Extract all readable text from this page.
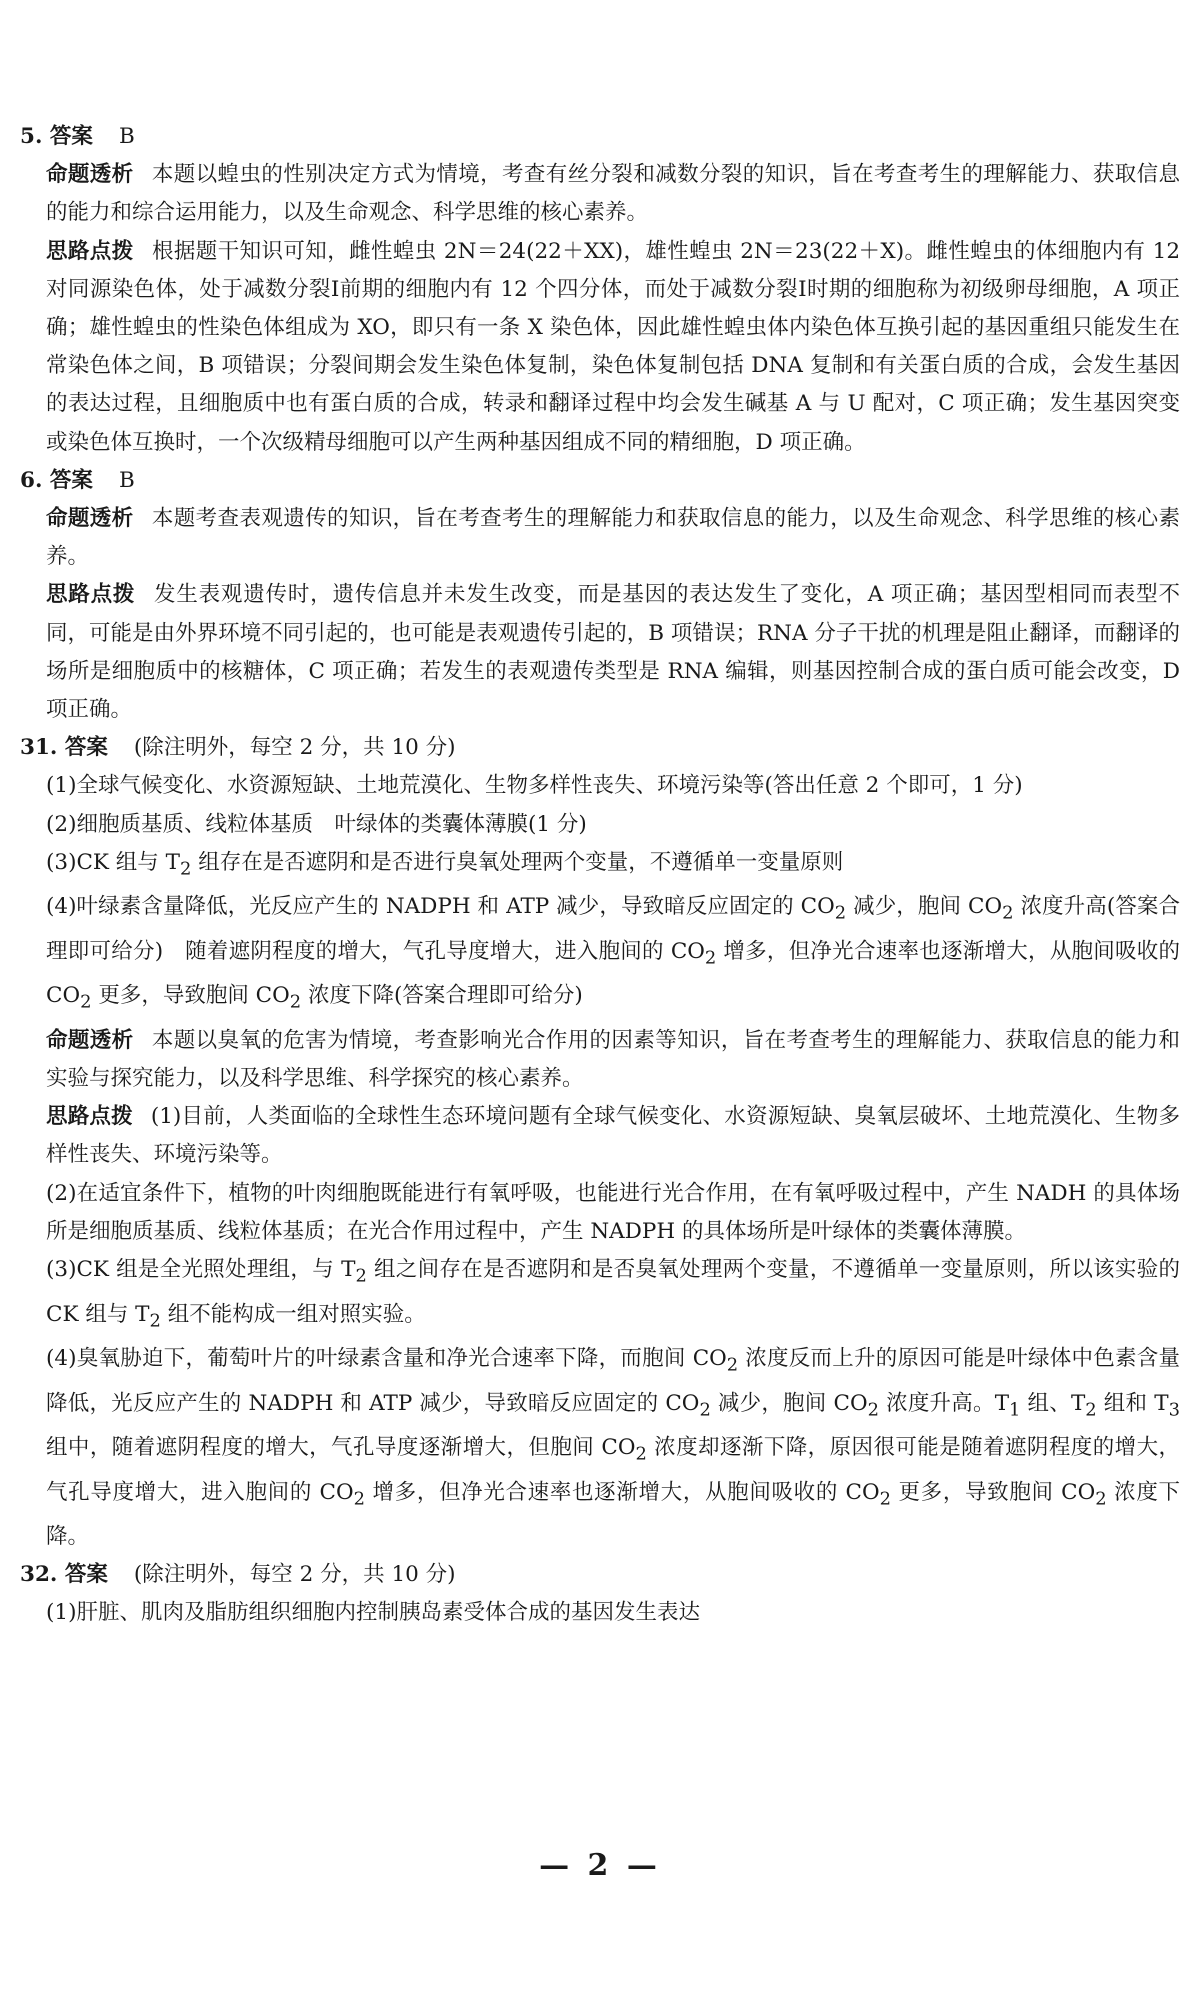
5. 答案 B

命题透析 本题以蝗虫的性别决定方式为情境，考查有丝分裂和减数分裂的知识，旨在考查考生的理解能力、获取信息的能力和综合运用能力，以及生命观念、科学思维的核心素养。

思路点拨 根据题干知识可知，雌性蝗虫 2N＝24(22＋XX)，雄性蝗虫 2N＝23(22＋X)。雌性蝗虫的体细胞内有 12 对同源染色体，处于减数分裂Ⅰ前期的细胞内有 12 个四分体，而处于减数分裂Ⅰ时期的细胞称为初级卵母细胞，A 项正确；雄性蝗虫的性染色体组成为 XO，即只有一条 X 染色体，因此雄性蝗虫体内染色体互换引起的基因重组只能发生在常染色体之间，B 项错误；分裂间期会发生染色体复制，染色体复制包括 DNA 复制和有关蛋白质的合成，会发生基因的表达过程，且细胞质中也有蛋白质的合成，转录和翻译过程中均会发生碱基 A 与 U 配对，C 项正确；发生基因突变或染色体互换时，一个次级精母细胞可以产生两种基因组成不同的精细胞，D 项正确。

6. 答案 B

命题透析 本题考查表观遗传的知识，旨在考查考生的理解能力和获取信息的能力，以及生命观念、科学思维的核心素养。

思路点拨 发生表观遗传时，遗传信息并未发生改变，而是基因的表达发生了变化，A 项正确；基因型相同而表型不同，可能是由外界环境不同引起的，也可能是表观遗传引起的，B 项错误；RNA 分子干扰的机理是阻止翻译，而翻译的场所是细胞质中的核糖体，C 项正确；若发生的表观遗传类型是 RNA 编辑，则基因控制合成的蛋白质可能会改变，D 项正确。

31. 答案 (除注明外，每空 2 分，共 10 分)

(1)全球气候变化、水资源短缺、土地荒漠化、生物多样性丧失、环境污染等(答出任意 2 个即可，1 分)

(2)细胞质基质、线粒体基质　叶绿体的类囊体薄膜(1 分)

(3)CK 组与 $T_2$ 组存在是否遮阴和是否进行臭氧处理两个变量，不遵循单一变量原则

(4)叶绿素含量降低，光反应产生的 NADPH 和 ATP 减少，导致暗反应固定的 $CO_2$ 减少，胞间 $CO_2$ 浓度升高(答案合理即可给分)　随着遮阴程度的增大，气孔导度增大，进入胞间的 $CO_2$ 增多，但净光合速率也逐渐增大，从胞间吸收的 $CO_2$ 更多，导致胞间 $CO_2$ 浓度下降(答案合理即可给分)

命题透析 本题以臭氧的危害为情境，考查影响光合作用的因素等知识，旨在考查考生的理解能力、获取信息的能力和实验与探究能力，以及科学思维、科学探究的核心素养。

思路点拨 (1)目前，人类面临的全球性生态环境问题有全球气候变化、水资源短缺、臭氧层破坏、土地荒漠化、生物多样性丧失、环境污染等。

(2)在适宜条件下，植物的叶肉细胞既能进行有氧呼吸，也能进行光合作用，在有氧呼吸过程中，产生 NADH 的具体场所是细胞质基质、线粒体基质；在光合作用过程中，产生 NADPH 的具体场所是叶绿体的类囊体薄膜。

(3)CK 组是全光照处理组，与 $T_2$ 组之间存在是否遮阴和是否臭氧处理两个变量，不遵循单一变量原则，所以该实验的 CK 组与 $T_2$ 组不能构成一组对照实验。

(4)臭氧胁迫下，葡萄叶片的叶绿素含量和净光合速率下降，而胞间 $CO_2$ 浓度反而上升的原因可能是叶绿体中色素含量降低，光反应产生的 NADPH 和 ATP 减少，导致暗反应固定的 $CO_2$ 减少，胞间 $CO_2$ 浓度升高。$T_1$ 组、$T_2$ 组和 $T_3$ 组中，随着遮阴程度的增大，气孔导度逐渐增大，但胞间 $CO_2$ 浓度却逐渐下降，原因很可能是随着遮阴程度的增大，气孔导度增大，进入胞间的 $CO_2$ 增多，但净光合速率也逐渐增大，从胞间吸收的 $CO_2$ 更多，导致胞间 $CO_2$ 浓度下降。

32. 答案 (除注明外，每空 2 分，共 10 分)

(1)肝脏、肌肉及脂肪组织细胞内控制胰岛素受体合成的基因发生表达

— 2 —
